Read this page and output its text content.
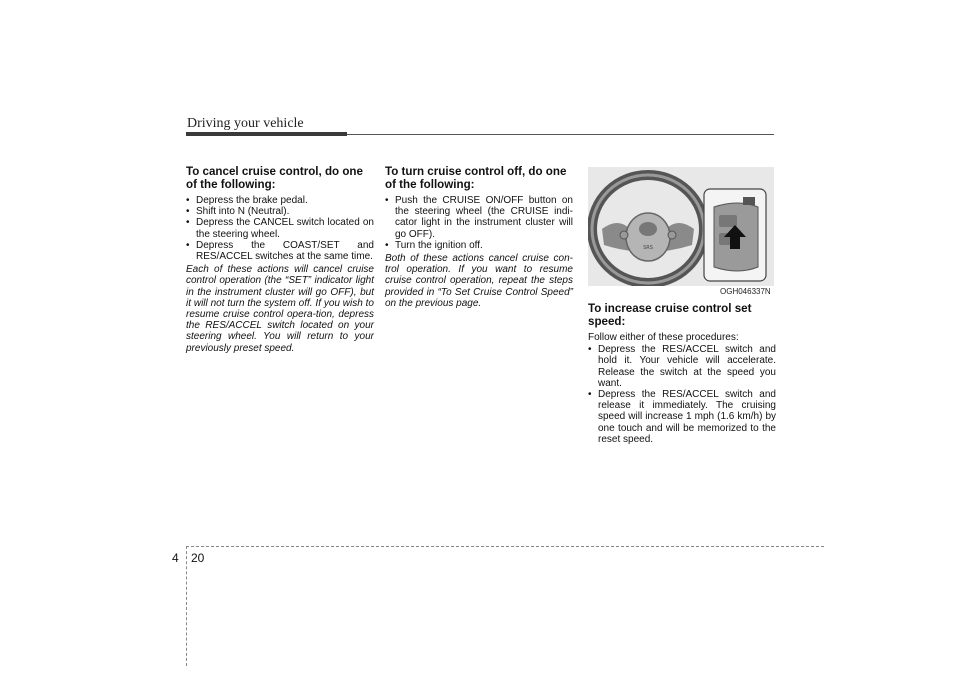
Driving your vehicle
To cancel cruise control, do one of the following:
• Depress the brake pedal.
• Shift into N (Neutral).
• Depress the CANCEL switch located on the steering wheel.
• Depress the COAST/SET and RES/ACCEL switches at the same time.

Each of these actions will cancel cruise control operation (the “SET” indicator light in the instrument cluster will go OFF), but it will not turn the system off. If you wish to resume cruise control opera-tion, depress the RES/ACCEL switch located on your steering wheel. You will return to your previously preset speed.

To turn cruise control off, do one of the following:
• Push the CRUISE ON/OFF button on the steering wheel (the CRUISE indi-cator light in the instrument cluster will go OFF).
• Turn the ignition off.

Both of these actions cancel cruise con-trol operation. If you want to resume cruise control operation, repeat the steps provided in “To Set Cruise Control Speed” on the previous page.

SRS
OGH046337N
To increase cruise control set speed:

Follow either of these procedures:

• Depress the RES/ACCEL switch and hold it. Your vehicle will accelerate. Release the switch at the speed you want.
• Depress the RES/ACCEL switch and release it immediately. The cruising speed will increase 1 mph (1.6 km/h) by one touch and will be memorized to the reset speed.
4 20
